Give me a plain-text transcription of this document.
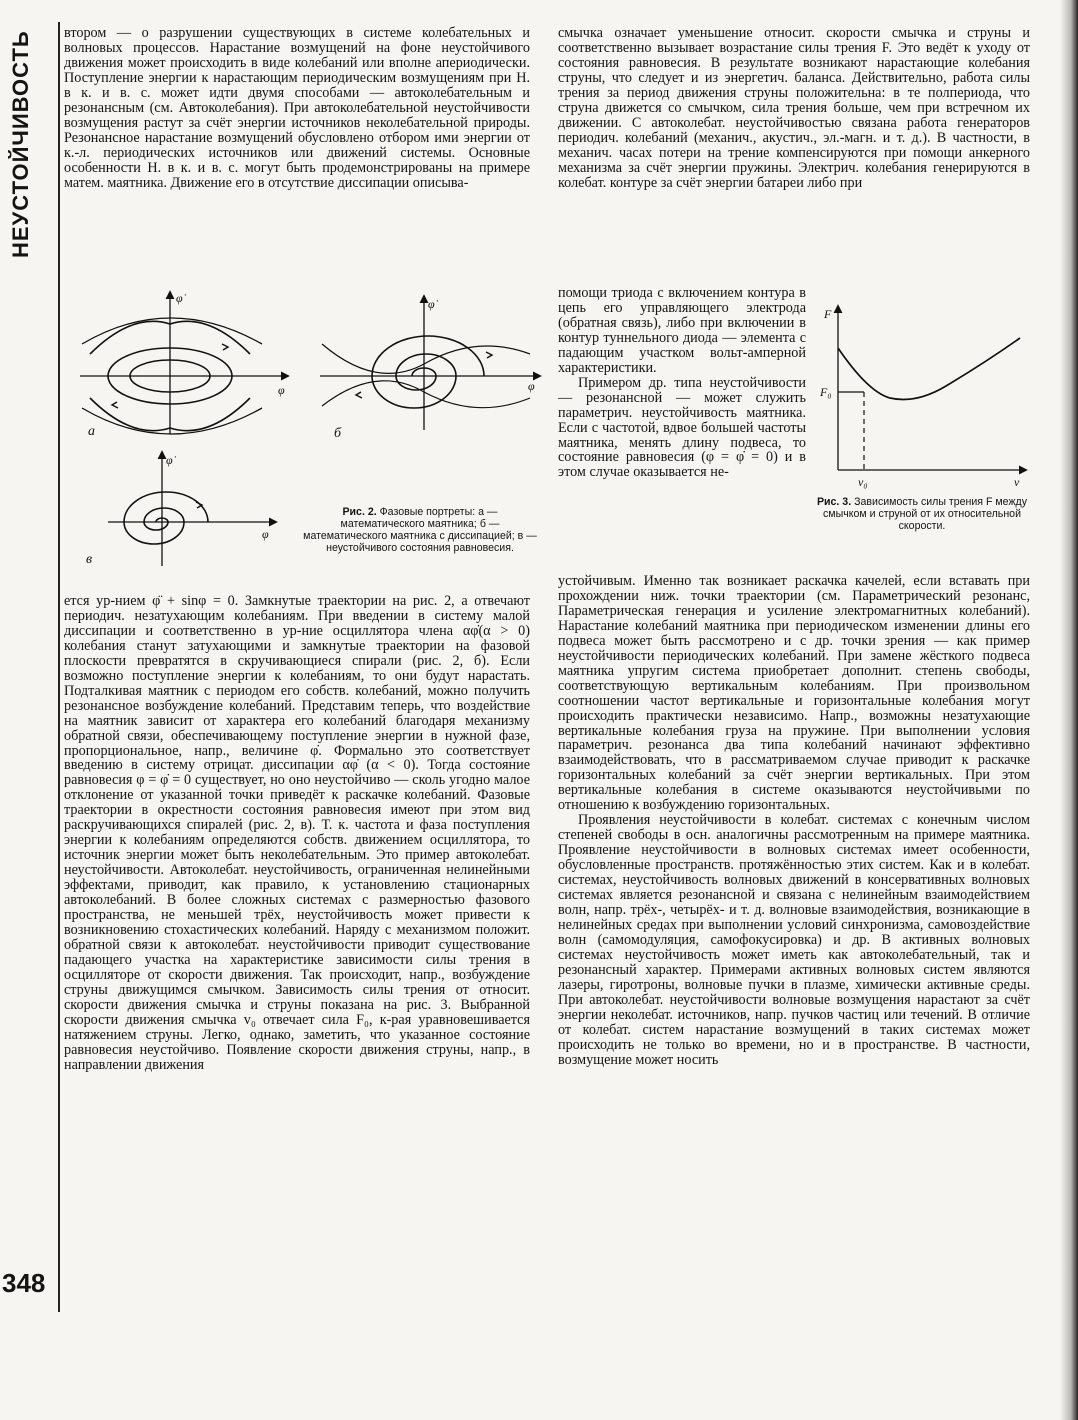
НЕУСТОЙЧИВОСТЬ
348

втором — о разрушении существующих в системе колебательных и волновых процессов. Нарастание возмущений на фоне неустойчивого движения может происходить в виде колебаний или вполне апериодически. Поступление энергии к нарастающим периодическим возмущениям при Н. в к. и в. с. может идти двумя способами — автоколебательным и резонансным (см. Автоколебания). При автоколебательной неустойчивости возмущения растут за счёт энергии источников неколебательной природы. Резонансное нарастание возмущений обусловлено отбором ими энергии от к.-л. периодических источников или движений системы. Основные особенности Н. в к. и в. с. могут быть продемонстрированы на примере матем. маятника. Движение его в отсутствие диссипации описыва-

φ̇
φ
а
φ̇
φ
б
φ̇
φ
в
Рис. 2. Фазовые портреты: а — математического маятника; б — математического маятника с диссипацией; в — неустойчивого состояния равновесия.

ется ур-нием φ̈ + sinφ = 0. Замкнутые траектории на рис. 2, а отвечают периодич. незатухающим колебаниям. При введении в систему малой диссипации и соответственно в ур-ние осциллятора члена αφ̇(α > 0) колебания станут затухающими и замкнутые траектории на фазовой плоскости превратятся в скручивающиеся спирали (рис. 2, б). Если возможно поступление энергии к колебаниям, то они будут нарастать. Подталкивая маятник с периодом его собств. колебаний, можно получить резонансное возбуждение колебаний. Представим теперь, что воздействие на маятник зависит от характера его колебаний благодаря механизму обратной связи, обеспечивающему поступление энергии в нужной фазе, пропорциональное, напр., величине φ̇. Формально это соответствует введению в систему отрицат. диссипации αφ̇ (α < 0). Тогда состояние равновесия φ = φ̇ = 0 существует, но оно неустойчиво — сколь угодно малое отклонение от указанной точки приведёт к раскачке колебаний. Фазовые траектории в окрестности состояния равновесия имеют при этом вид раскручивающихся спиралей (рис. 2, в). Т. к. частота и фаза поступления энергии к колебаниям определяются собств. движением осциллятора, то источник энергии может быть неколебательным. Это пример автоколебат. неустойчивости. Автоколебат. неустойчивость, ограниченная нелинейными эффектами, приводит, как правило, к установлению стационарных автоколебаний. В более сложных системах с размерностью фазового пространства, не меньшей трёх, неустойчивость может привести к возникновению стохастических колебаний. Наряду с механизмом положит. обратной связи к автоколебат. неустойчивости приводит существование падающего участка на характеристике зависимости силы трения в осцилляторе от скорости движения. Так происходит, напр., возбуждение струны движущимся смычком. Зависимость силы трения от относит. скорости движения смычка и струны показана на рис. 3. Выбранной скорости движения смычка v₀ отвечает сила F₀, к-рая уравновешивается натяжением струны. Легко, однако, заметить, что указанное состояние равновесия неустойчиво. Появление скорости движения струны, напр., в направлении движения

смычка означает уменьшение относит. скорости смычка и струны и соответственно вызывает возрастание силы трения F. Это ведёт к уходу от состояния равновесия. В результате возникают нарастающие колебания струны, что следует и из энергетич. баланса. Действительно, работа силы трения за период движения струны положительна: в те полпериода, что струна движется со смычком, сила трения больше, чем при встречном их движении. С автоколебат. неустойчивостью связана работа генераторов периодич. колебаний (механич., акустич., эл.-магн. и т. д.). В частности, в механич. часах потери на трение компенсируются при помощи анкерного механизма за счёт энергии пружины. Электрич. колебания генерируются в колебат. контуре за счёт энергии батареи либо при

помощи триода с включением контура в цепь его управляющего электрода (обратная связь), либо при включении в контур туннельного диода — элемента с падающим участком вольт-амперной характеристики.

Примером др. типа неустойчивости — резонансной — может служить параметрич. неустойчивость маятника. Если с частотой, вдвое большей частоты маятника, менять длину подвеса, то состояние равновесия (φ = φ̇ = 0) и в этом случае оказывается не-

F
v
F₀
v₀
Рис. 3. Зависимость силы трения F между смычком и струной от их относительной скорости.

устойчивым. Именно так возникает раскачка качелей, если вставать при прохождении ниж. точки траектории (см. Параметрический резонанс, Параметрическая генерация и усиление электромагнитных колебаний). Нарастание колебаний маятника при периодическом изменении длины его подвеса может быть рассмотрено и с др. точки зрения — как пример неустойчивости периодических колебаний. При замене жёсткого подвеса маятника упругим система приобретает дополнит. степень свободы, соответствующую вертикальным колебаниям. При произвольном соотношении частот вертикальные и горизонтальные колебания могут происходить практически независимо. Напр., возможны незатухающие вертикальные колебания груза на пружине. При выполнении условия параметрич. резонанса два типа колебаний начинают эффективно взаимодействовать, что в рассматриваемом случае приводит к раскачке горизонтальных колебаний за счёт энергии вертикальных. При этом вертикальные колебания в системе оказываются неустойчивыми по отношению к возбуждению горизонтальных.

Проявления неустойчивости в колебат. системах с конечным числом степеней свободы в осн. аналогичны рассмотренным на примере маятника. Проявление неустойчивости в волновых системах имеет особенности, обусловленные пространств. протяжённостью этих систем. Как и в колебат. системах, неустойчивость волновых движений в консервативных волновых системах является резонансной и связана с нелинейным взаимодействием волн, напр. трёх-, четырёх- и т. д. волновые взаимодействия, возникающие в нелинейных средах при выполнении условий синхронизма, самовоздействие волн (самомодуляция, самофокусировка) и др. В активных волновых системах неустойчивость может иметь как автоколебательный, так и резонансный характер. Примерами активных волновых систем являются лазеры, гиротроны, волновые пучки в плазме, химически активные среды. При автоколебат. неустойчивости волновые возмущения нарастают за счёт энергии неколебат. источников, напр. пучков частиц или течений. В отличие от колебат. систем нарастание возмущений в таких системах может происходить не только во времени, но и в пространстве. В частности, возмущение может носить
